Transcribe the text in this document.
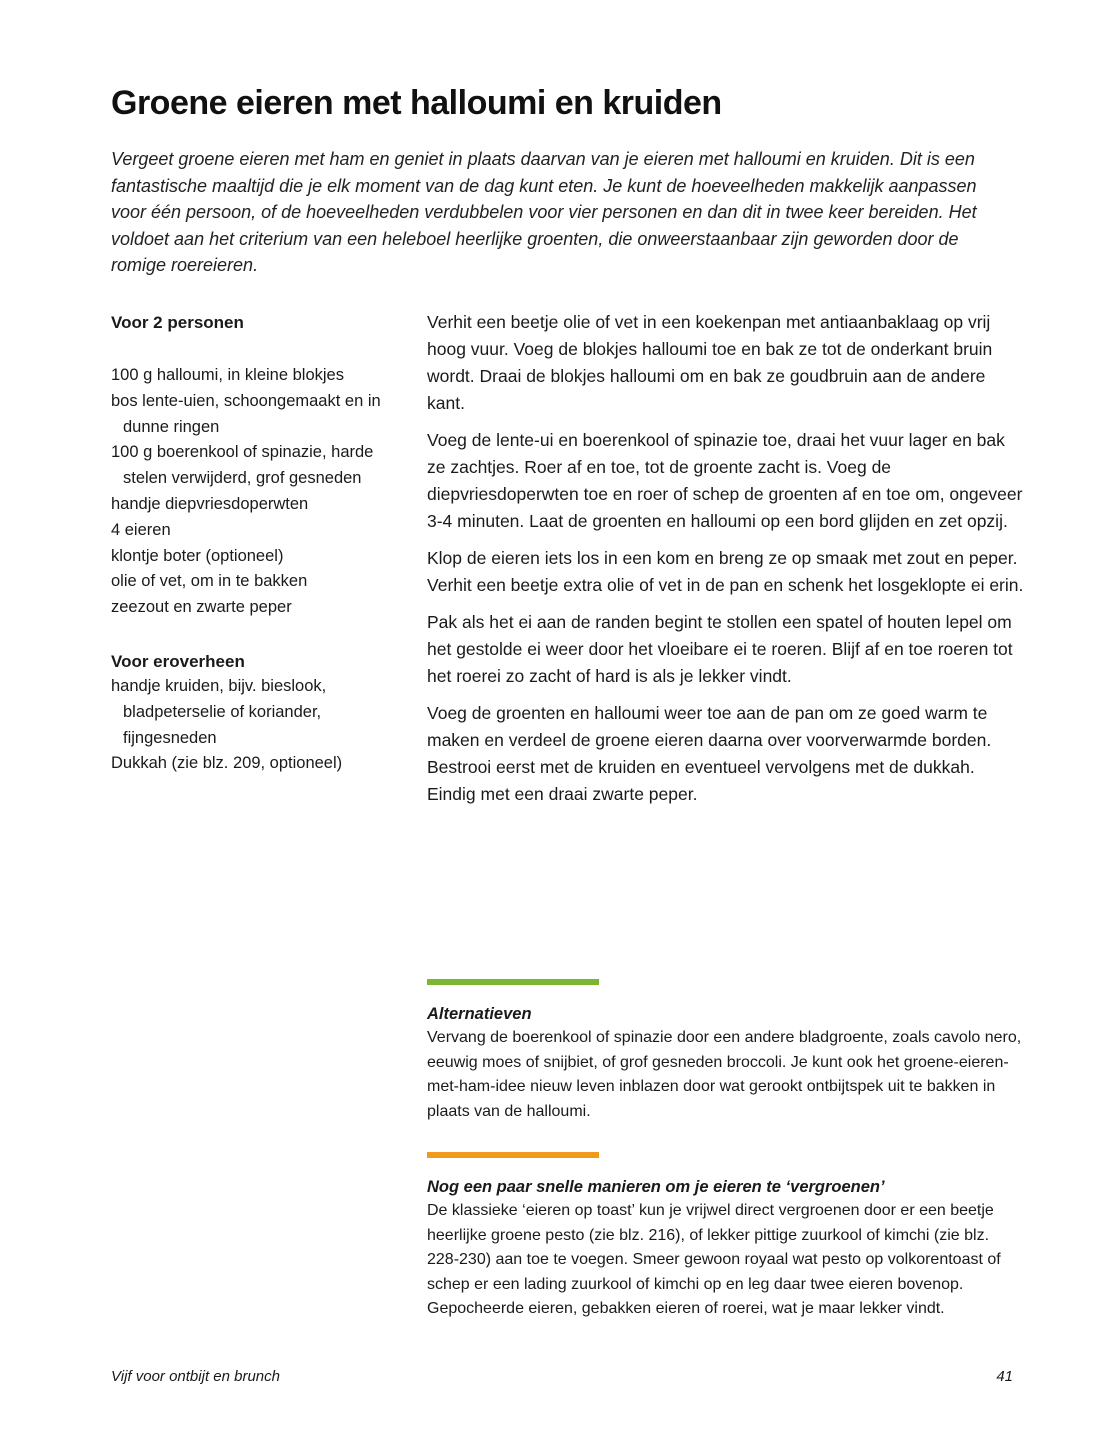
Groene eieren met halloumi en kruiden

Vergeet groene eieren met ham en geniet in plaats daarvan van je eieren met halloumi en kruiden. Dit is een fantastische maaltijd die je elk moment van de dag kunt eten. Je kunt de hoeveelheden makkelijk aanpassen voor één persoon, of de hoeveelheden verdubbelen voor vier personen en dan dit in twee keer bereiden. Het voldoet aan het criterium van een heleboel heerlijke groenten, die onweerstaanbaar zijn geworden door de romige roereieren.

Voor 2 personen
100 g halloumi, in kleine blokjes
bos lente-uien, schoongemaakt en in dunne ringen
100 g boerenkool of spinazie, harde stelen verwijderd, grof gesneden
handje diepvriesdoperwten
4 eieren
klontje boter (optioneel)
olie of vet, om in te bakken
zeezout en zwarte peper
Voor eroverheen
handje kruiden, bijv. bieslook, bladpeterselie of koriander, fijngesneden
Dukkah (zie blz. 209, optioneel)

Verhit een beetje olie of vet in een koekenpan met antiaanbaklaag op vrij hoog vuur. Voeg de blokjes halloumi toe en bak ze tot de onderkant bruin wordt. Draai de blokjes halloumi om en bak ze goudbruin aan de andere kant.

Voeg de lente-ui en boerenkool of spinazie toe, draai het vuur lager en bak ze zachtjes. Roer af en toe, tot de groente zacht is. Voeg de diepvriesdoperwten toe en roer of schep de groenten af en toe om, ongeveer 3-4 minuten. Laat de groenten en halloumi op een bord glijden en zet opzij.

Klop de eieren iets los in een kom en breng ze op smaak met zout en peper. Verhit een beetje extra olie of vet in de pan en schenk het losgeklopte ei erin.

Pak als het ei aan de randen begint te stollen een spatel of houten lepel om het gestolde ei weer door het vloeibare ei te roeren. Blijf af en toe roeren tot het roerei zo zacht of hard is als je lekker vindt.

Voeg de groenten en halloumi weer toe aan de pan om ze goed warm te maken en verdeel de groene eieren daarna over voorverwarmde borden. Bestrooi eerst met de kruiden en eventueel vervolgens met de dukkah. Eindig met een draai zwarte peper.

Alternatieven

Vervang de boerenkool of spinazie door een andere bladgroente, zoals cavolo nero, eeuwig moes of snijbiet, of grof gesneden broccoli. Je kunt ook het groene-eieren-met-ham-idee nieuw leven inblazen door wat gerookt ontbijtspek uit te bakken in plaats van de halloumi.

Nog een paar snelle manieren om je eieren te ‘vergroenen’

De klassieke ‘eieren op toast’ kun je vrijwel direct vergroenen door er een beetje heerlijke groene pesto (zie blz. 216), of lekker pittige zuurkool of kimchi (zie blz. 228-230) aan toe te voegen. Smeer gewoon royaal wat pesto op volkorentoast of schep er een lading zuurkool of kimchi op en leg daar twee eieren bovenop. Gepocheerde eieren, gebakken eieren of roerei, wat je maar lekker vindt.

Vijf voor ontbijt en brunch	41
